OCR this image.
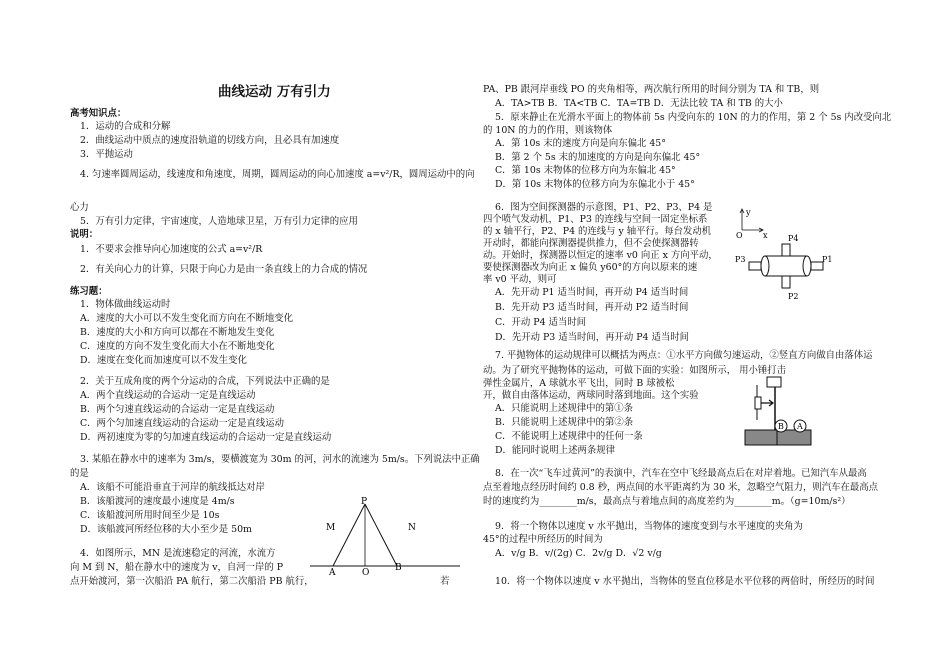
曲线运动 万有引力
高考知识点：
1．运动的合成和分解
2．曲线运动中质点的速度沿轨道的切线方向，且必具有加速度
3．平抛运动
4. 匀速率圆周运动，线速度和角速度，周期，圆周运动的向心加速度 a=v²/R，圆周运动中的向
心力
5．万有引力定律，宇宙速度，人造地球卫星，万有引力定律的应用
说明：
1．不要求会推导向心加速度的公式 a=v²/R
2．有关向心力的计算，只限于向心力是由一条直线上的力合成的情况
练习题：
1．物体做曲线运动时
A．速度的大小可以不发生变化而方向在不断地变化
B．速度的大小和方向可以都在不断地发生变化
C．速度的方向不发生变化而大小在不断地变化
D．速度在变化而加速度可以不发生变化
2．关于互成角度的两个分运动的合成，下列说法中正确的是
A．两个直线运动的合运动一定是直线运动
B．两个匀速直线运动的合运动一定是直线运动
C．两个匀加速直线运动的合运动一定是直线运动
D．两初速度为零的匀加速直线运动的合运动一定是直线运动
3. 某船在静水中的速率为 3m/s，要横渡宽为 30m 的河，河水的流速为 5m/s。下列说法中正确
的是
A．该船不可能沿垂直于河岸的航线抵达对岸
B．该船渡河的速度最小速度是 4m/s
C．该船渡河所用时间至少是 10s
D．该船渡河所经位移的大小至少是 50m
4．如图所示，MN 是流速稳定的河流，水流方
向 M 到 N，船在静水中的速度为 v，自河一岸的 P
点开始渡河，第一次船沿 PA 航行，第二次船沿 PB 航行，	若
PA、PB 跟河岸垂线 PO 的夹角相等，两次航行所用的时间分别为 TA 和 TB，则
A．TA>TB B．TA<TB C．TA=TB D．无法比较 TA 和 TB 的大小
5．原来静止在光滑水平面上的物体前 5s 内受向东的 10N 的力的作用，第 2 个 5s 内改受向北
的 10N 的力的作用，则该物体
A．第 10s 末的速度方向是向东偏北 45°
B．第 2 个 5s 末的加速度的方向是向东偏北 45°
C．第 10s 末物体的位移方向为东偏北 45°
D．第 10s 末物体的位移方向为东偏北小于 45°
6．图为空间探测器的示意图，P1、P2、P3、P4 是
四个喷气发动机，P1、P3 的连线与空间一固定坐标系
的 x 轴平行，P2、P4 的连线与 y 轴平行。每台发动机
开动时，都能向探测器提供推力，但不会使探测器转
动。开始时，探测器以恒定的速率 v0 向正 x 方向平动，
要使探测器改为向正 x 偏负 y60°的方向以原来的速
率 v0 平动，则可
A．先开动 P1 适当时间，再开动 P4 适当时间
B．先开动 P3 适当时间，再开动 P2 适当时间
C．开动 P4 适当时间
D．先开动 P3 适当时间，再开动 P4 适当时间
7. 平抛物体的运动规律可以概括为两点：①水平方向做匀速运动，②竖直方向做自由落体运
动。为了研究平抛物体的运动，可做下面的实验：如图所示， 用小锤打击
弹性金属片，A 球就水平飞出，同时 B 球被松
开，做自由落体运动，两球同时落到地面。这个实验
A．只能说明上述规律中的第①条
B．只能说明上述规律中的第②条
C．不能说明上述规律中的任何一条
D．能同时说明上述两条规律
8．在一次“飞车过黄河”的表演中，汽车在空中飞经最高点后在对岸着地。已知汽车从最高
点至着地点经历时间约 0.8 秒，两点间的水平距离约为 30 米，忽略空气阻力，则汽车在最高点
时的速度约为________m/s，最高点与着地点间的高度差约为________m。（g=10m/s²）
9．将一个物体以速度 v 水平抛出，当物体的速度变到与水平速度的夹角为
45°的过程中所经历的时间为
A．v/g B．v/(2g) C．2v/g D．√2 v/g
10．将一个物体以速度 v 水平抛出，当物体的竖直位移是水平位移的两倍时，所经历的时间
P
M	N
A	O	B
y
x
O	P4
P3	P1
P2
B A
